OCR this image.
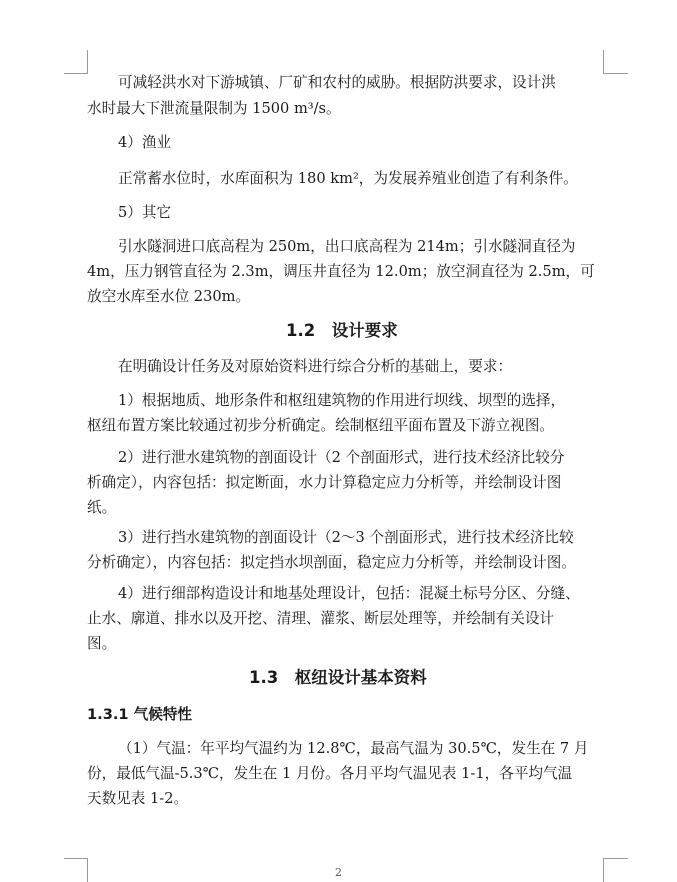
可减轻洪水对下游城镇、厂矿和农村的威胁。根据防洪要求，设计洪
水时最大下泄流量限制为 1500 m³/s。
4）渔业
正常蓄水位时，水库面积为 180 km²，为发展养殖业创造了有利条件。
5）其它
引水隧洞进口底高程为 250m，出口底高程为 214m；引水隧洞直径为
4m，压力钢管直径为 2.3m，调压井直径为 12.0m；放空洞直径为 2.5m，可
放空水库至水位 230m。
1.2　设计要求
在明确设计任务及对原始资料进行综合分析的基础上，要求：
1）根据地质、地形条件和枢纽建筑物的作用进行坝线、坝型的选择，
枢纽布置方案比较通过初步分析确定。绘制枢纽平面布置及下游立视图。
2）进行泄水建筑物的剖面设计（2 个剖面形式，进行技术经济比较分
析确定），内容包括：拟定断面，水力计算稳定应力分析等，并绘制设计图
纸。
3）进行挡水建筑物的剖面设计（2～3 个剖面形式，进行技术经济比较
分析确定），内容包括：拟定挡水坝剖面，稳定应力分析等，并绘制设计图。
4）进行细部构造设计和地基处理设计，包括：混凝土标号分区、分缝、
止水、廓道、排水以及开挖、清理、灌浆、断层处理等，并绘制有关设计
图。
1.3　枢纽设计基本资料
1.3.1 气候特性
（1）气温：年平均气温约为 12.8℃，最高气温为 30.5℃，发生在 7 月
份，最低气温-5.3℃，发生在 1 月份。各月平均气温见表 1-1，各平均气温
天数见表 1-2。
2
